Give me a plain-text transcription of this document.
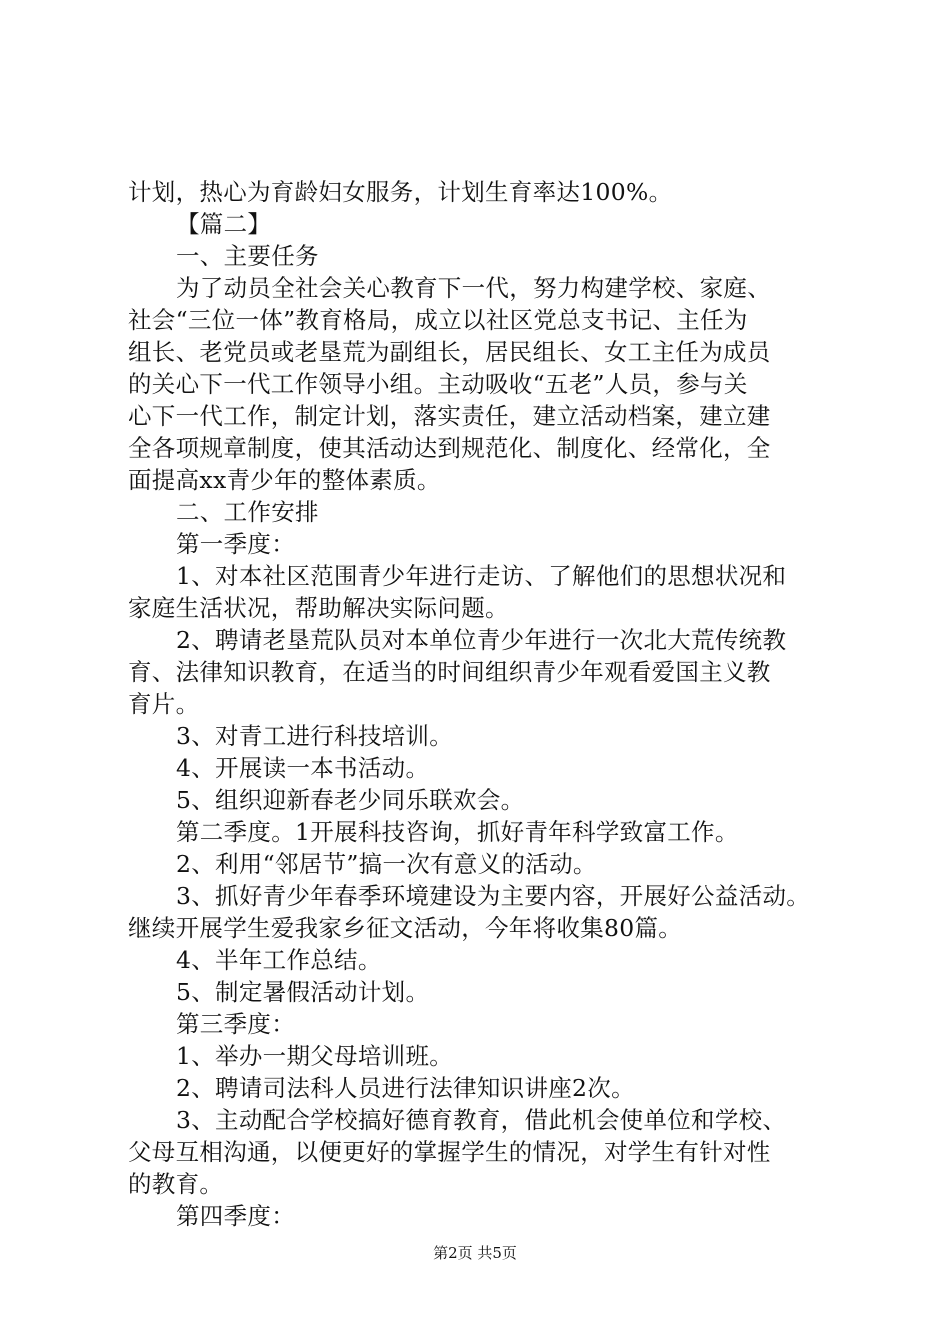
计划，热心为育龄妇女服务，计划生育率达100%。
【篇二】
一、主要任务
为了动员全社会关心教育下一代，努力构建学校、家庭、
社会“三位一体”教育格局，成立以社区党总支书记、主任为
组长、老党员或老垦荒为副组长，居民组长、女工主任为成员
的关心下一代工作领导小组。主动吸收“五老”人员，参与关
心下一代工作，制定计划，落实责任，建立活动档案，建立建
全各项规章制度，使其活动达到规范化、制度化、经常化，全
面提高xx青少年的整体素质。
二、工作安排
第一季度：
1、对本社区范围青少年进行走访、了解他们的思想状况和
家庭生活状况，帮助解决实际问题。
2、聘请老垦荒队员对本单位青少年进行一次北大荒传统教
育、法律知识教育，在适当的时间组织青少年观看爱国主义教
育片。
3、对青工进行科技培训。
4、开展读一本书活动。
5、组织迎新春老少同乐联欢会。
第二季度。1开展科技咨询，抓好青年科学致富工作。
2、利用“邻居节”搞一次有意义的活动。
3、抓好青少年春季环境建设为主要内容，开展好公益活动。
继续开展学生爱我家乡征文活动，今年将收集80篇。
4、半年工作总结。
5、制定暑假活动计划。
第三季度：
1、举办一期父母培训班。
2、聘请司法科人员进行法律知识讲座2次。
3、主动配合学校搞好德育教育，借此机会使单位和学校、
父母互相沟通，以便更好的掌握学生的情况，对学生有针对性
的教育。
第四季度：
第2页 共5页
